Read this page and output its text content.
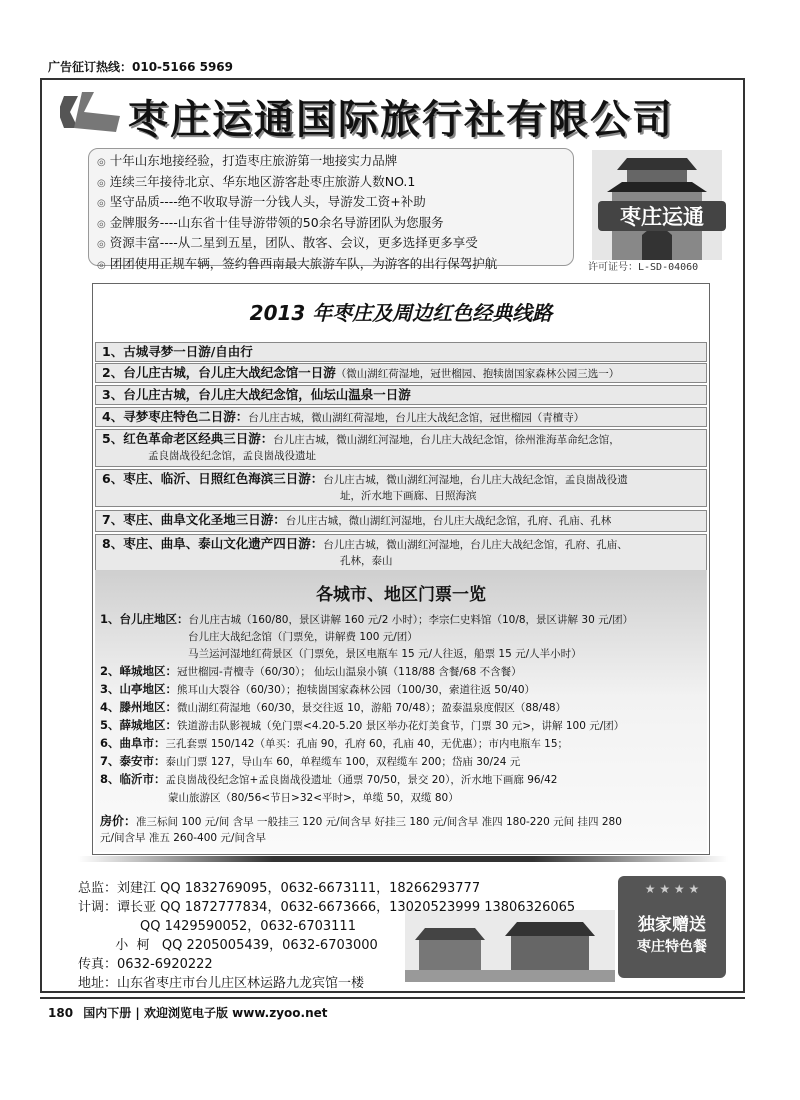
广告征订热线：010-5166 5969
枣庄运通国际旅行社有限公司
◎ 十年山东地接经验，打造枣庄旅游第一地接实力品牌
◎ 连续三年接待北京、华东地区游客赴枣庄旅游人数NO.1
◎ 坚守品质----绝不收取导游一分钱人头，导游发工资+补助
◎ 金牌服务----山东省十佳导游带领的50余名导游团队为您服务
◎ 资源丰富----从二星到五星，团队、散客、会议，更多选择更多享受
◎ 团团使用正规车辆，签约鲁西南最大旅游车队，为游客的出行保驾护航
枣庄运通
许可证号：L-SD-04060
2013 年枣庄及周边红色经典线路
1、古城寻梦一日游/自由行
2、台儿庄古城，台儿庄大战纪念馆一日游（微山湖红荷湿地，冠世榴园、抱犊崮国家森林公园三选一）
3、台儿庄古城，台儿庄大战纪念馆，仙坛山温泉一日游
4、寻梦枣庄特色二日游：台儿庄古城，微山湖红荷湿地，台儿庄大战纪念馆，冠世榴园（青檀寺）
5、红色革命老区经典三日游：台儿庄古城，微山湖红河湿地，台儿庄大战纪念馆，徐州淮海革命纪念馆，
孟良崮战役纪念馆，孟良崮战役遗址
6、枣庄、临沂、日照红色海滨三日游：台儿庄古城，微山湖红河湿地，台儿庄大战纪念馆，孟良崮战役遗
址，沂水地下画廊、日照海滨
7、枣庄、曲阜文化圣地三日游：台儿庄古城，微山湖红河湿地，台儿庄大战纪念馆，孔府、孔庙、孔林
8、枣庄、曲阜、泰山文化遗产四日游：台儿庄古城，微山湖红河湿地，台儿庄大战纪念馆，孔府、孔庙、
孔林，泰山
各城市、地区门票一览
1、台儿庄地区：台儿庄古城（160/80，景区讲解 160 元/2 小时）；李宗仁史料馆（10/8，景区讲解 30 元/团）
台儿庄大战纪念馆（门票免，讲解费 100 元/团）
马兰运河湿地红荷景区（门票免，景区电瓶车 15 元/人往返，船票 15 元/人半小时）
2、峄城地区：冠世榴园-青檀寺（60/30）； 仙坛山温泉小镇（118/88 含餐/68 不含餐）
3、山亭地区：熊耳山大裂谷（60/30）；抱犊崮国家森林公园（100/30，索道往返 50/40）
4、滕州地区：微山湖红荷湿地（60/30，景交往返 10，游船 70/48）；盈泰温泉度假区（88/48）
5、薛城地区：铁道游击队影视城（免门票<4.20-5.20 景区举办花灯美食节，门票 30 元>，讲解 100 元/团）
6、曲阜市：三孔套票 150/142（单买：孔庙 90，孔府 60，孔庙 40，无优惠）；市内电瓶车 15；
7、泰安市：泰山门票 127，导山车 60，单程缆车 100，双程缆车 200；岱庙 30/24 元
8、临沂市：孟良崮战役纪念馆+孟良崮战役遗址（通票 70/50，景交 20），沂水地下画廊 96/42
蒙山旅游区（80/56<节日>32<平时>，单缆 50，双缆 80）
房价：准三标间 100 元/间 含早 一般挂三 120 元/间含早 好挂三 180 元/间含早 准四 180-220 元间 挂四 280
元/间含早 准五 260-400 元/间含早
总监：刘建江 QQ 1832769095，0632-6673111，18266293777
计调：谭长亚 QQ 1872777834，0632-6673666，13020523999 13806326065
QQ 1429590052，0632-6703111
小  柯   QQ 2205005439，0632-6703000
传真：0632-6920222
地址：山东省枣庄市台儿庄区林运路九龙宾馆一楼
★ ★ ★ ★
独家赠送
枣庄特色餐
180 国内下册 | 欢迎浏览电子版 www.zyoo.net
